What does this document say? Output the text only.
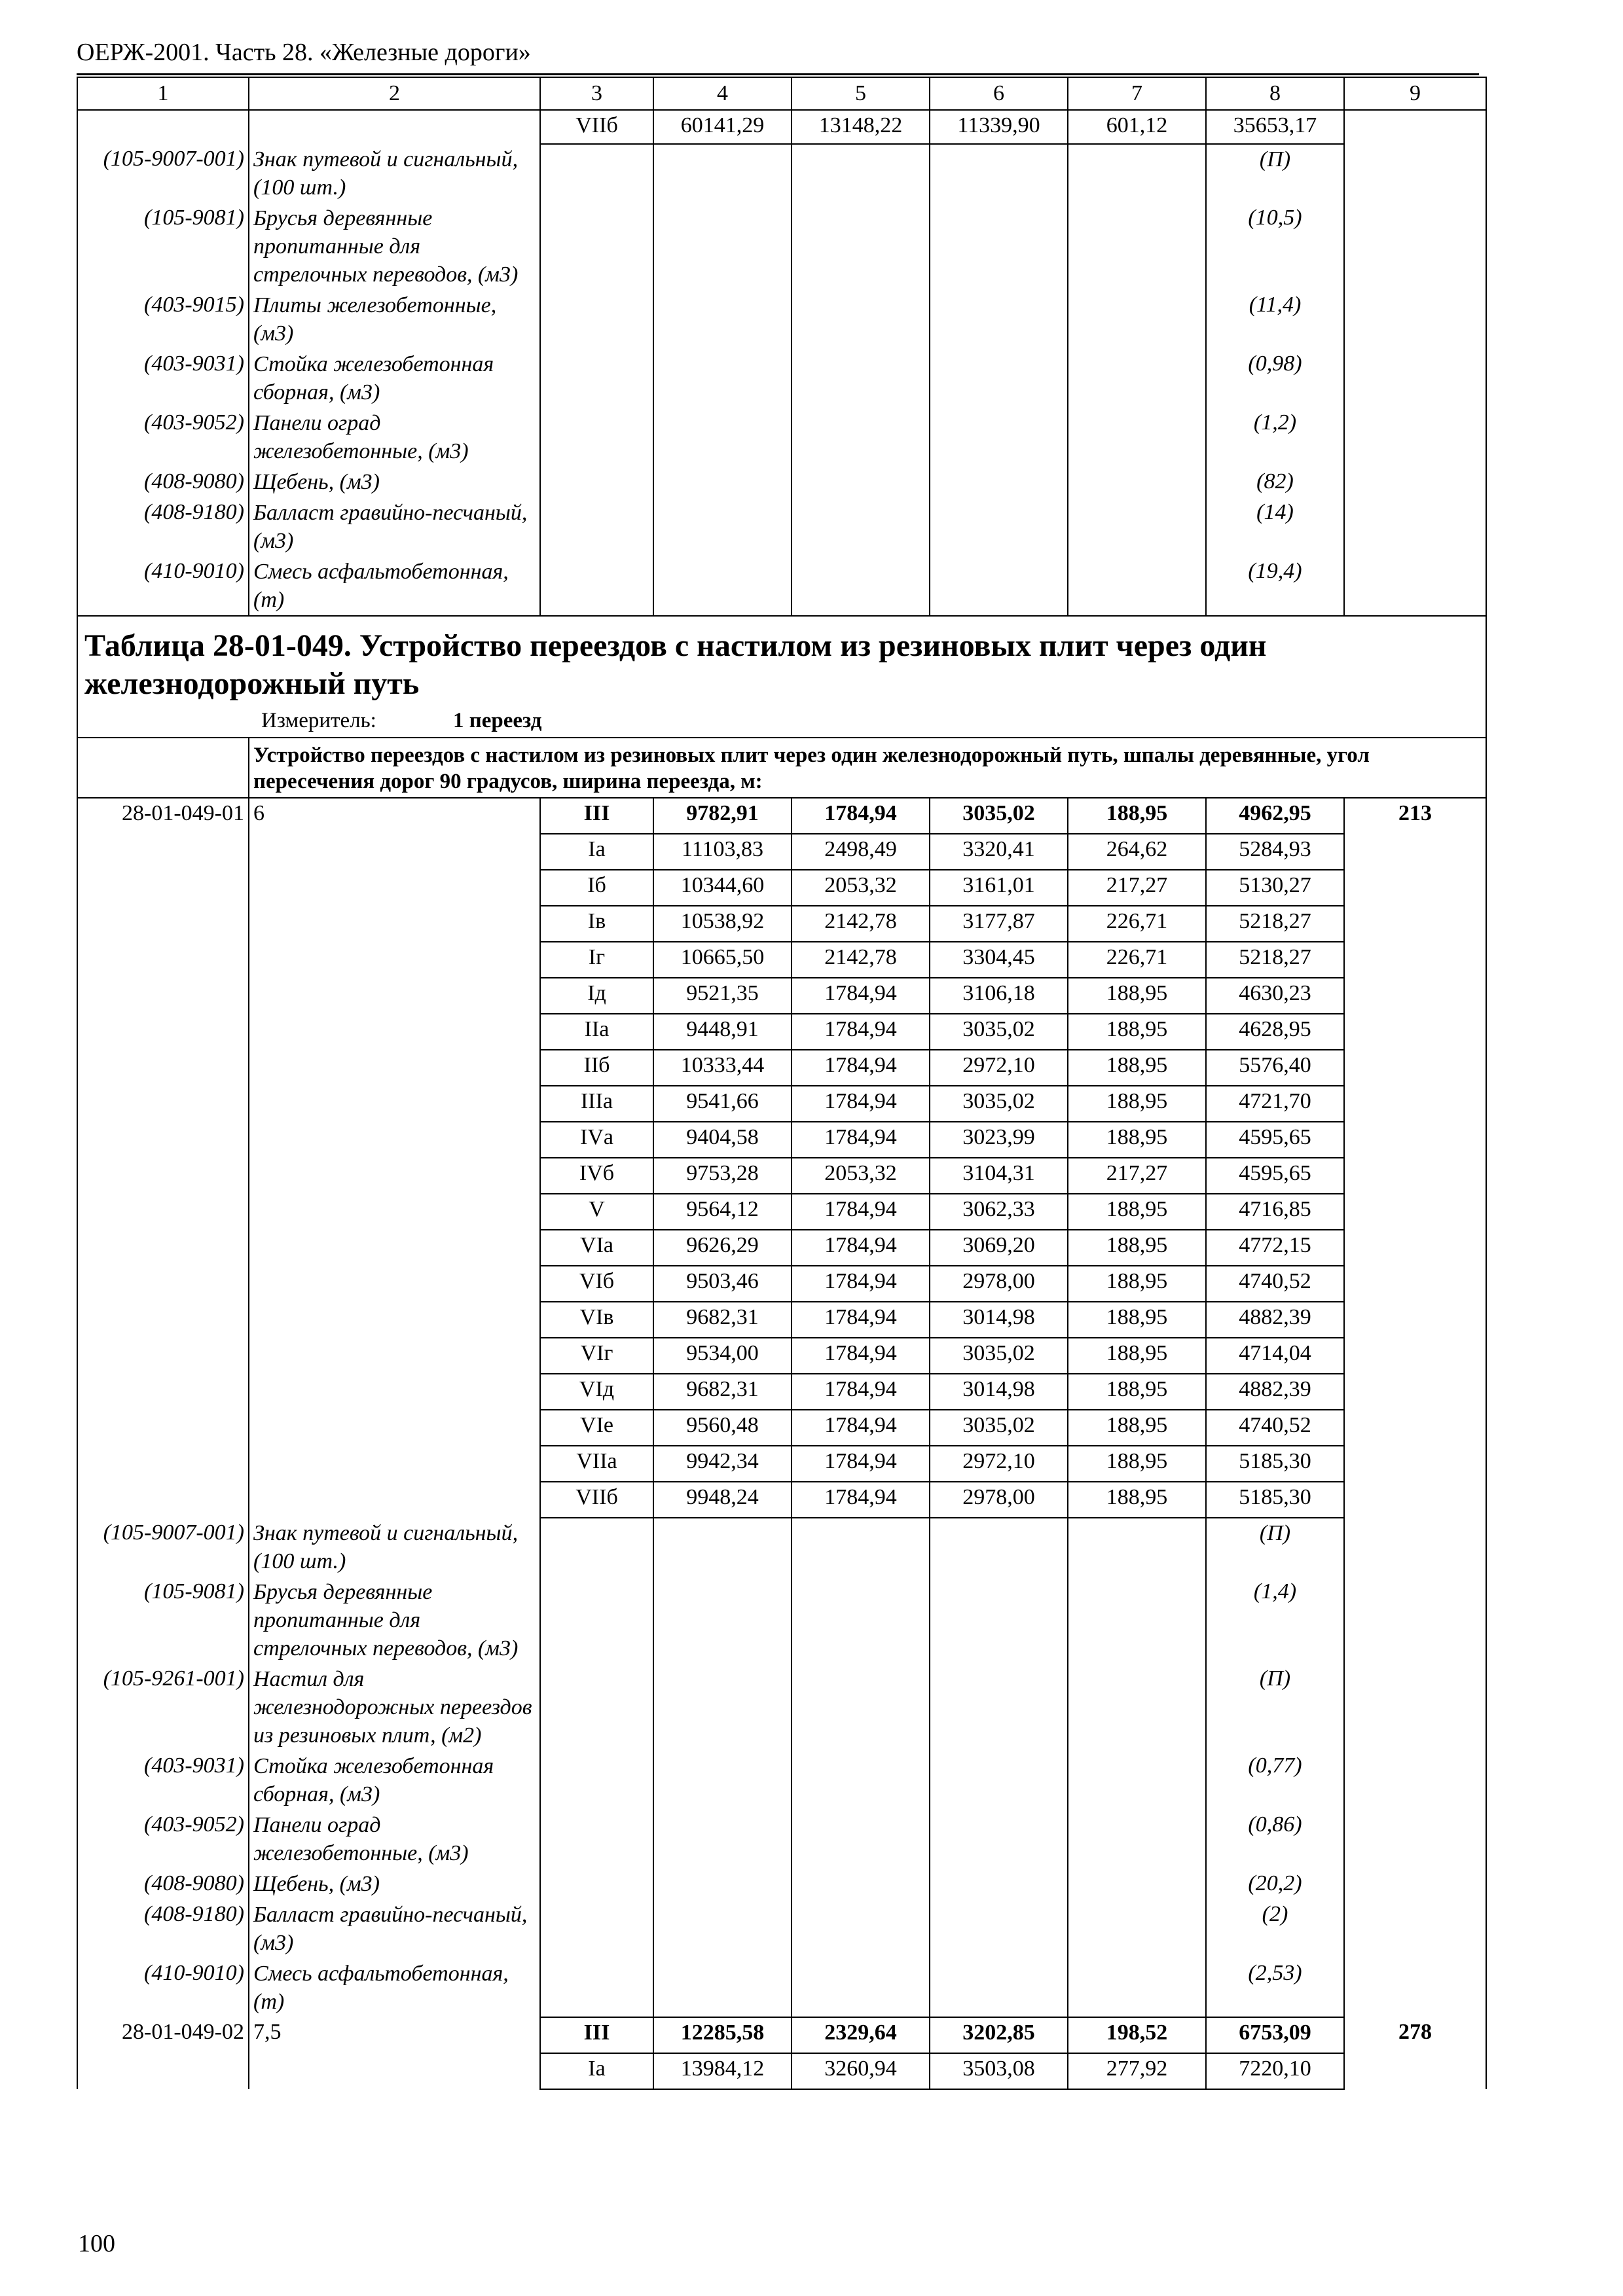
ОЕРЖ-2001. Часть 28. «Железные дороги»
1	2	3	4	5	6	7	8	9
		VIIб	60141,29	13148,22	11339,90	601,12	35653,17	
(105-9007-001)	Знак путевой и сигнальный, (100 шт.)						(П)	
(105-9081)	Брусья деревянные пропитанные для стрелочных переводов, (м3)						(10,5)	
(403-9015)	Плиты железобетонные, (м3)						(11,4)	
(403-9031)	Стойка железобетонная сборная, (м3)						(0,98)	
(403-9052)	Панели оград железобетонные, (м3)						(1,2)	
(408-9080)	Щебень, (м3)						(82)	
(408-9180)	Балласт гравийно-песчаный, (м3)						(14)	
(410-9010)	Смесь асфальтобетонная, (т)						(19,4)	

Таблица 28-01-049. Устройство переездов с настилом из резиновых плит через один железнодорожный путь
Измеритель: 1 переезд								

	Устройство переездов с настилом из резиновых плит через один железнодорожный путь, шпалы деревянные, угол пересечения дорог 90 градусов, ширина переезда, м:							
28-01-049-01	6	III	9782,91	1784,94	3035,02	188,95	4962,95	213
		Iа	11103,83	2498,49	3320,41	264,62	5284,93	
		Iб	10344,60	2053,32	3161,01	217,27	5130,27	
		Iв	10538,92	2142,78	3177,87	226,71	5218,27	
		Iг	10665,50	2142,78	3304,45	226,71	5218,27	
		Iд	9521,35	1784,94	3106,18	188,95	4630,23	
		IIа	9448,91	1784,94	3035,02	188,95	4628,95	
		IIб	10333,44	1784,94	2972,10	188,95	5576,40	
		IIIа	9541,66	1784,94	3035,02	188,95	4721,70	
		IVа	9404,58	1784,94	3023,99	188,95	4595,65	
		IVб	9753,28	2053,32	3104,31	217,27	4595,65	
		V	9564,12	1784,94	3062,33	188,95	4716,85	
		VIа	9626,29	1784,94	3069,20	188,95	4772,15	
		VIб	9503,46	1784,94	2978,00	188,95	4740,52	
		VIв	9682,31	1784,94	3014,98	188,95	4882,39	
		VIг	9534,00	1784,94	3035,02	188,95	4714,04	
		VIд	9682,31	1784,94	3014,98	188,95	4882,39	
		VIе	9560,48	1784,94	3035,02	188,95	4740,52	
		VIIа	9942,34	1784,94	2972,10	188,95	5185,30	
		VIIб	9948,24	1784,94	2978,00	188,95	5185,30	
(105-9007-001)	Знак путевой и сигнальный, (100 шт.)						(П)	
(105-9081)	Брусья деревянные пропитанные для стрелочных переводов, (м3)						(1,4)	
(105-9261-001)	Настил для железнодорожных переездов из резиновых плит, (м2)						(П)	
(403-9031)	Стойка железобетонная сборная, (м3)						(0,77)	
(403-9052)	Панели оград железобетонные, (м3)						(0,86)	
(408-9080)	Щебень, (м3)						(20,2)	
(408-9180)	Балласт гравийно-песчаный, (м3)						(2)	
(410-9010)	Смесь асфальтобетонная, (т)						(2,53)	
28-01-049-02	7,5	III	12285,58	2329,64	3202,85	198,52	6753,09	278
		Iа	13984,12	3260,94	3503,08	277,92	7220,10	
100
